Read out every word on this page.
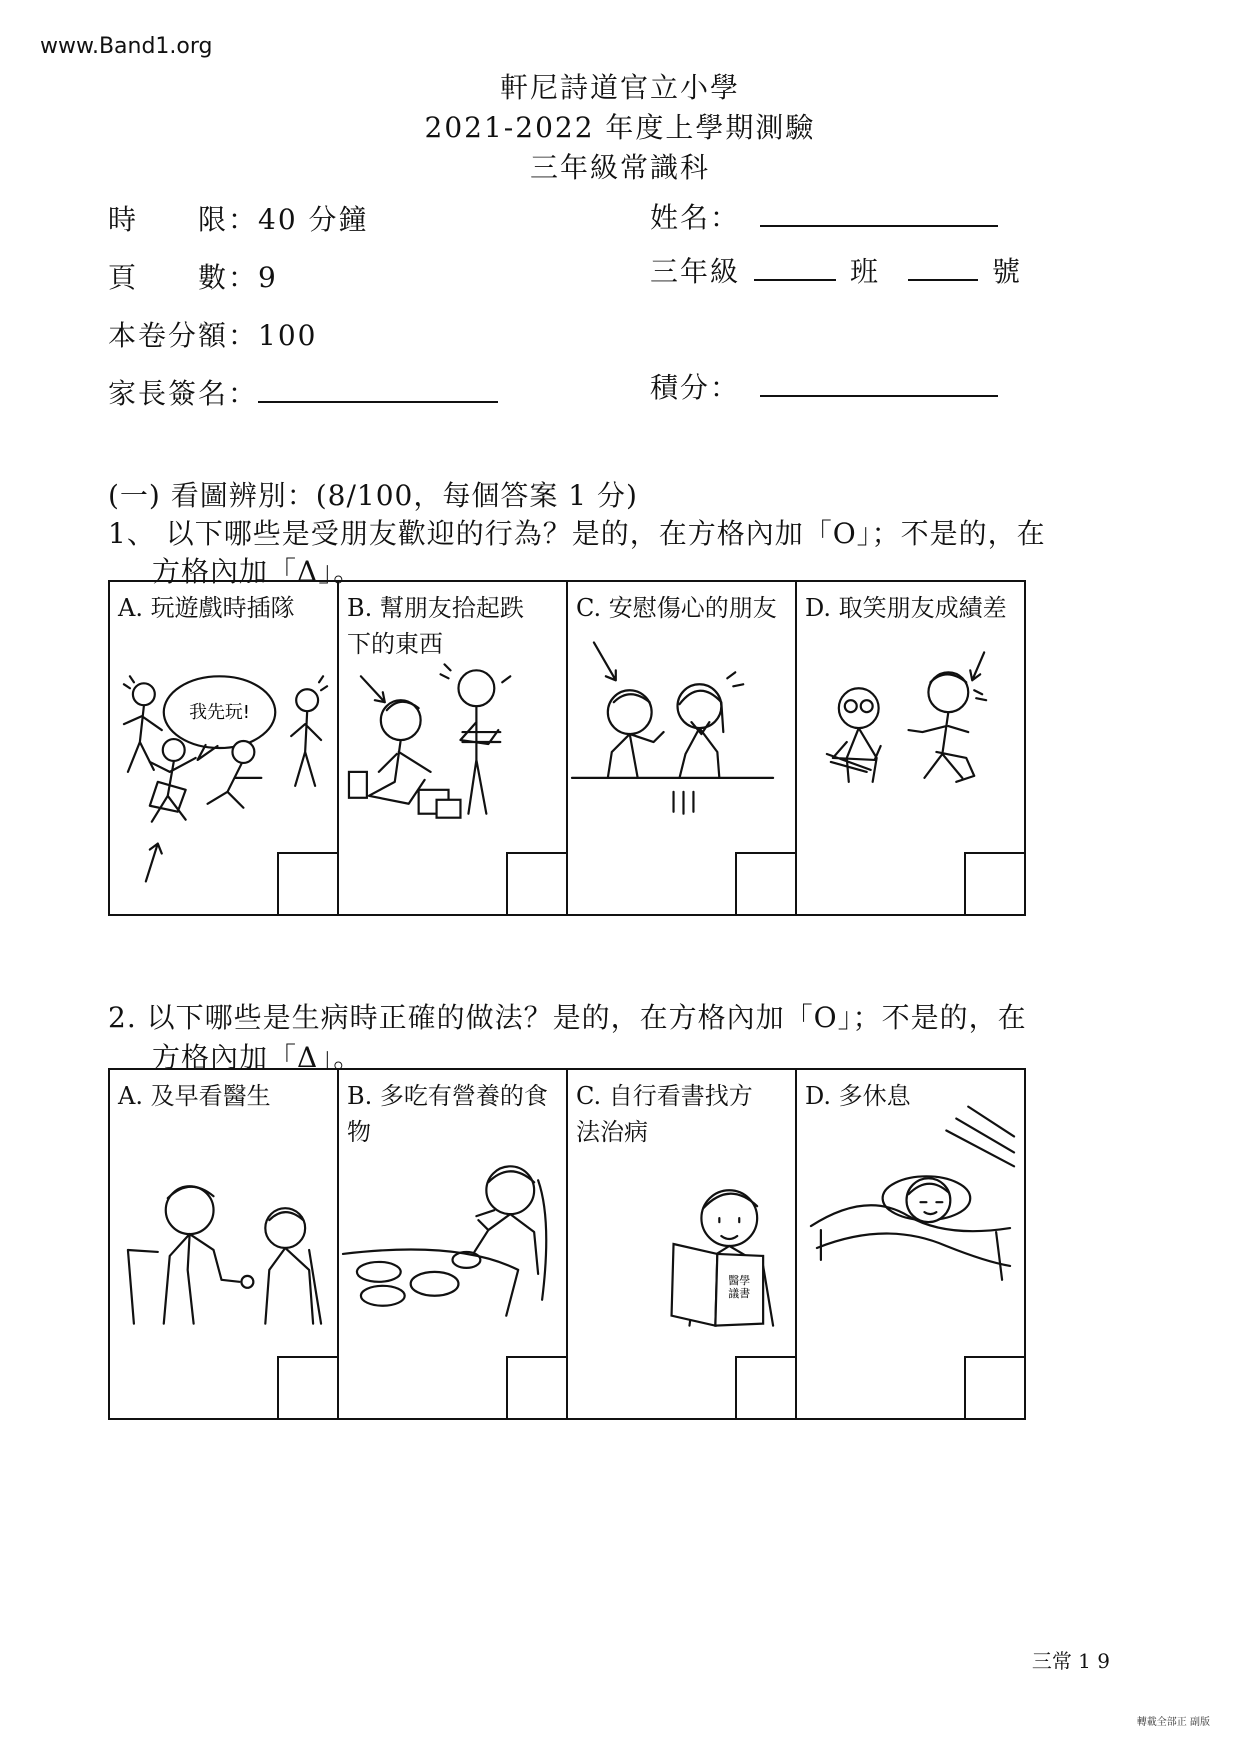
www.Band1.org
軒尼詩道官立小學
2021-2022 年度上學期測驗
三年級常識科
時　　限：40 分鐘
頁　　數：9
本卷分額：100
家長簽名：
姓名：
三年級	班	號
積分：
(一) 看圖辨別：(8/100，每個答案 1 分)
1、 以下哪些是受朋友歡迎的行為？是的，在方格內加「O」；不是的，在
方格內加「Δ」。
我先玩!
A. 玩遊戲時插隊 B. 幫朋友拾起跌
下的東西
C. 安慰傷心的朋友 D. 取笑朋友成績差
2. 以下哪些是生病時正確的做法？是的，在方格內加「O」；不是的，在
方格內加「Δ」。
A. 及早看醫生	B. 多吃有營養的食
物
醫學議書
C. 自行看書找方
法治病
D. 多休息
三常 1 9
轉載全部正 副版
